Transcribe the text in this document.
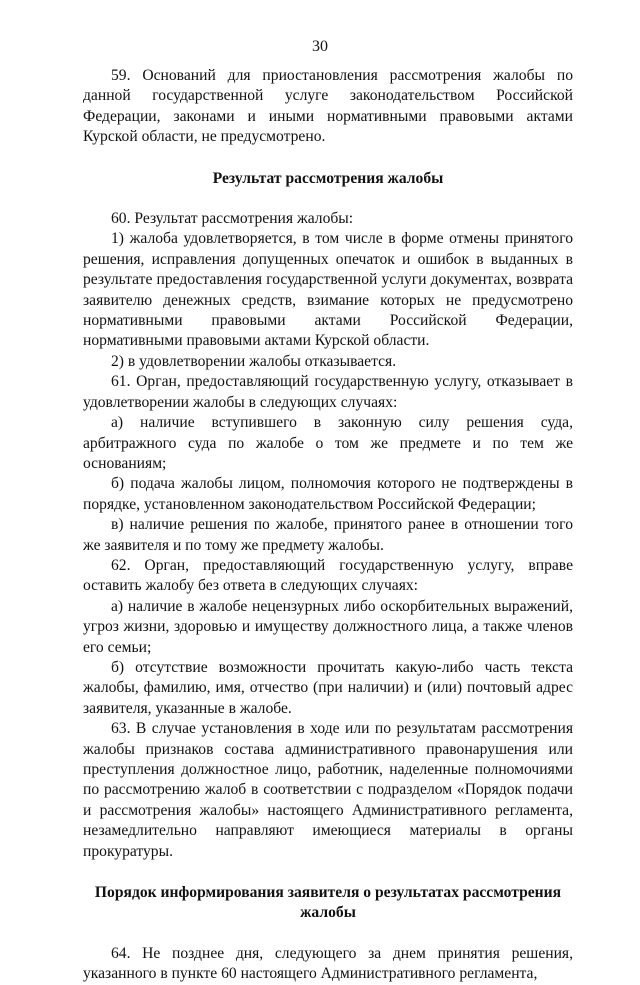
30

59. Оснований для приостановления рассмотрения жалобы по данной государственной услуге законодательством Российской Федерации, законами и иными нормативными правовыми актами Курской области, не предусмотрено.

Результат рассмотрения жалобы

60. Результат рассмотрения жалобы:

1) жалоба удовлетворяется, в том числе в форме отмены принятого решения, исправления допущенных опечаток и ошибок в выданных в результате предоставления государственной услуги документах, возврата заявителю денежных средств, взимание которых не предусмотрено нормативными правовыми актами Российской Федерации, нормативными правовыми актами Курской области.

2) в удовлетворении жалобы отказывается.

61. Орган, предоставляющий государственную услугу, отказывает в удовлетворении жалобы в следующих случаях:

а) наличие вступившего в законную силу решения суда, арбитражного суда по жалобе о том же предмете и по тем же основаниям;

б) подача жалобы лицом, полномочия которого не подтверждены в порядке, установленном законодательством Российской Федерации;

в) наличие решения по жалобе, принятого ранее в отношении того же заявителя и по тому же предмету жалобы.

62. Орган, предоставляющий государственную услугу, вправе оставить жалобу без ответа в следующих случаях:

а) наличие в жалобе нецензурных либо оскорбительных выражений, угроз жизни, здоровью и имуществу должностного лица, а также членов его семьи;

б) отсутствие возможности прочитать какую-либо часть текста жалобы, фамилию, имя, отчество (при наличии) и (или) почтовый адрес заявителя, указанные в жалобе.

63. В случае установления в ходе или по результатам рассмотрения жалобы признаков состава административного правонарушения или преступления должностное лицо, работник, наделенные полномочиями по рассмотрению жалоб в соответствии с подразделом «Порядок подачи и рассмотрения жалобы» настоящего Административного регламента, незамедлительно направляют имеющиеся материалы в органы прокуратуры.

Порядок информирования заявителя о результатах рассмотрения жалобы

64. Не позднее дня, следующего за днем принятия решения, указанного в пункте 60 настоящего Административного регламента,
